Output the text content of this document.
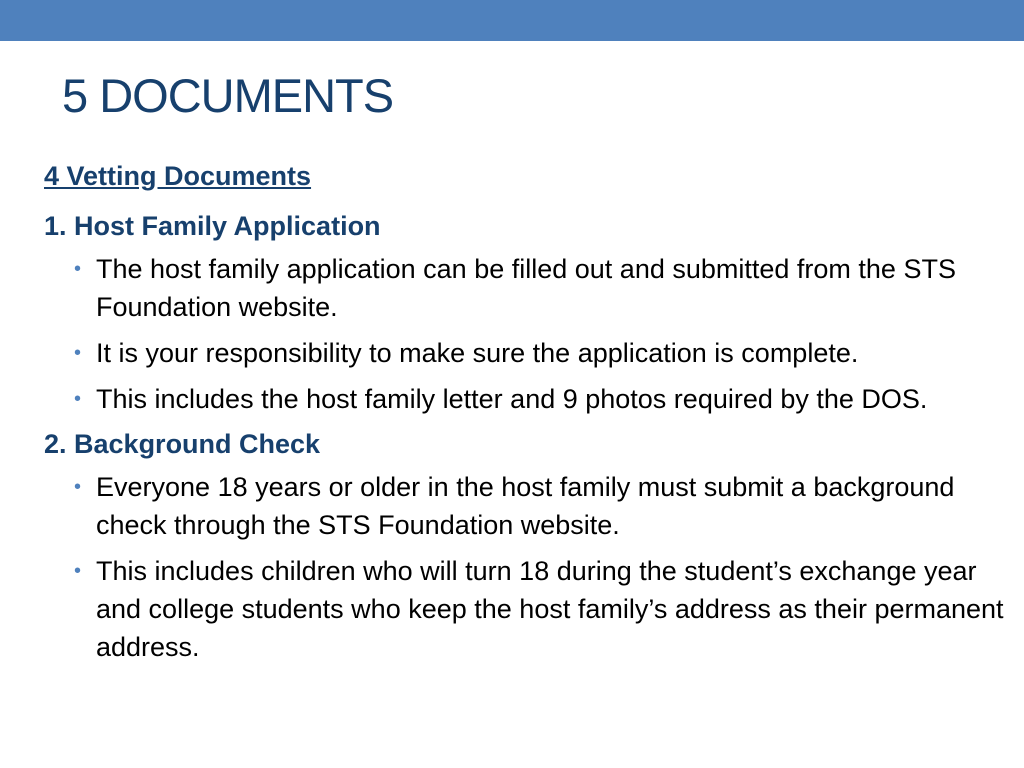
5 DOCUMENTS
4 Vetting Documents
1. Host Family Application
• The host family application can be filled out and submitted from the STS Foundation website.
• It is your responsibility to make sure the application is complete.
• This includes the host family letter and 9 photos required by the DOS.
2. Background Check
• Everyone 18 years or older in the host family must submit a background check through the STS Foundation website.
• This includes children who will turn 18 during the student’s exchange year and college students who keep the host family’s address as their permanent address.
